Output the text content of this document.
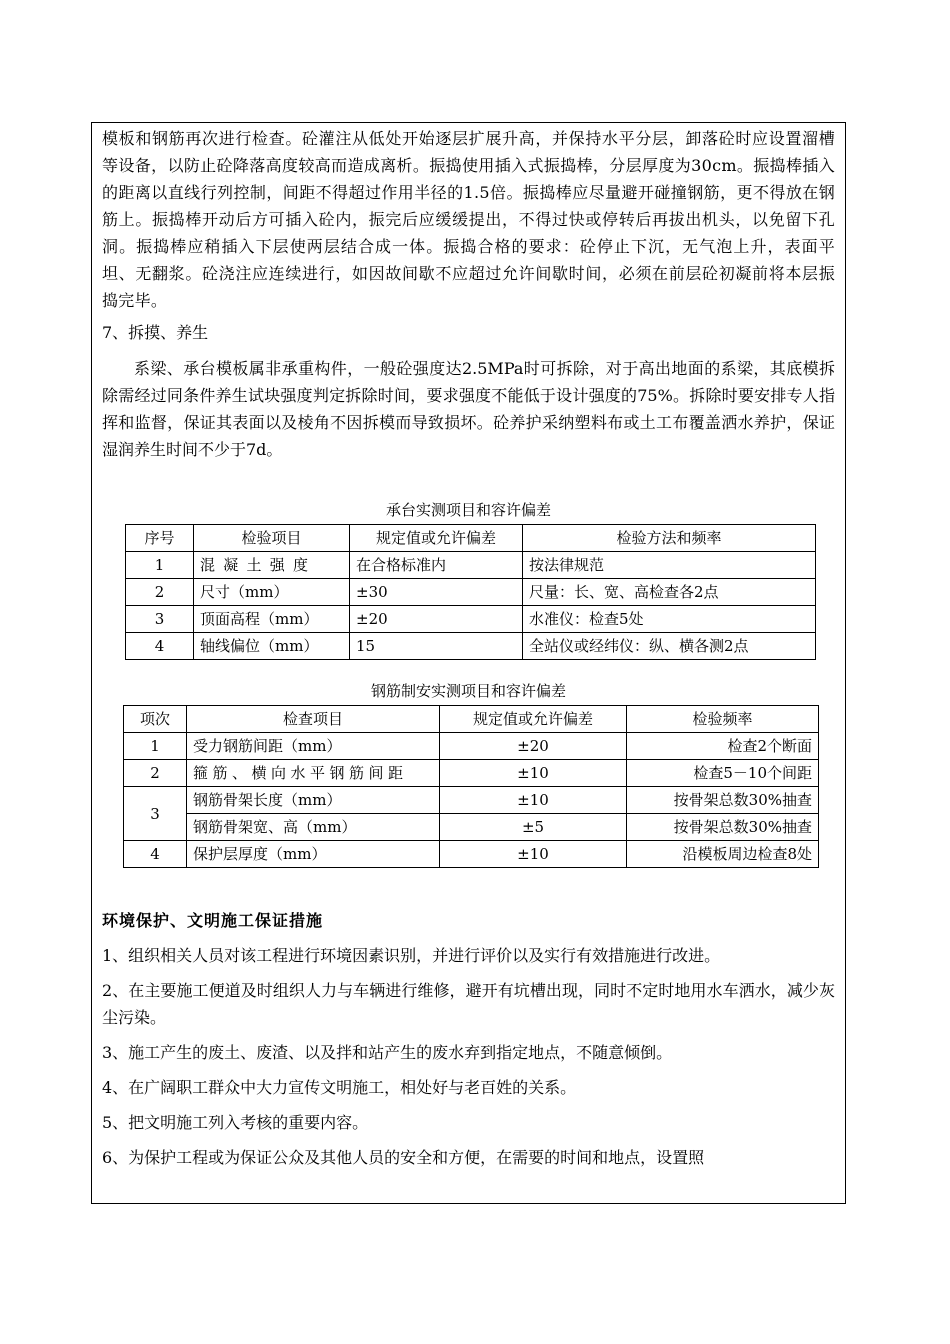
模板和钢筋再次进行检查。砼灌注从低处开始逐层扩展升高，并保持水平分层，卸落砼时应设置溜槽等设备，以防止砼降落高度较高而造成离析。振捣使用插入式振捣棒，分层厚度为30cm。振捣棒插入的距离以直线行列控制，间距不得超过作用半径的1.5倍。振捣棒应尽量避开碰撞钢筋，更不得放在钢筋上。振捣棒开动后方可插入砼内，振完后应缓缓提出，不得过快或停转后再拔出机头，以免留下孔洞。振捣棒应稍插入下层使两层结合成一体。振捣合格的要求：砼停止下沉，无气泡上升，表面平坦、无翻浆。砼浇注应连续进行，如因故间歇不应超过允许间歇时间，必须在前层砼初凝前将本层振捣完毕。

7、拆摸、养生

系梁、承台模板属非承重构件，一般砼强度达2.5MPa时可拆除，对于高出地面的系梁，其底模拆除需经过同条件养生试块强度判定拆除时间，要求强度不能低于设计强度的75%。拆除时要安排专人指挥和监督，保证其表面以及棱角不因拆模而导致损坏。砼养护采纳塑料布或土工布覆盖洒水养护，保证湿润养生时间不少于7d。

承台实测项目和容许偏差
序号	检验项目	规定值或允许偏差	检验方法和频率
1	混凝土强度	在合格标准内	按法律规范
2	尺寸（mm）	±30	尺量：长、宽、高检查各2点
3	顶面高程（mm）	±20	水准仪：检查5处
4	轴线偏位（mm）	15	全站仪或经纬仪：纵、横各测2点
钢筋制安实测项目和容许偏差
项次	检查项目	规定值或允许偏差	检验频率
1	受力钢筋间距（mm）	±20	检查2个断面
2	箍筋、横向水平钢筋间距	±10	检查5－10个间距
3	钢筋骨架长度（mm）	±10	按骨架总数30%抽查
	钢筋骨架宽、高（mm）	±5	按骨架总数30%抽查
4	保护层厚度（mm）	±10	沿模板周边检查8处
环境保护、文明施工保证措施

1、组织相关人员对该工程进行环境因素识别，并进行评价以及实行有效措施进行改进。

2、在主要施工便道及时组织人力与车辆进行维修，避开有坑槽出现，同时不定时地用水车洒水，减少灰尘污染。

3、施工产生的废土、废渣、以及拌和站产生的废水弃到指定地点，不随意倾倒。

4、在广阔职工群众中大力宣传文明施工，相处好与老百姓的关系。

5、把文明施工列入考核的重要内容。

6、为保护工程或为保证公众及其他人员的安全和方便，在需要的时间和地点，设置照
